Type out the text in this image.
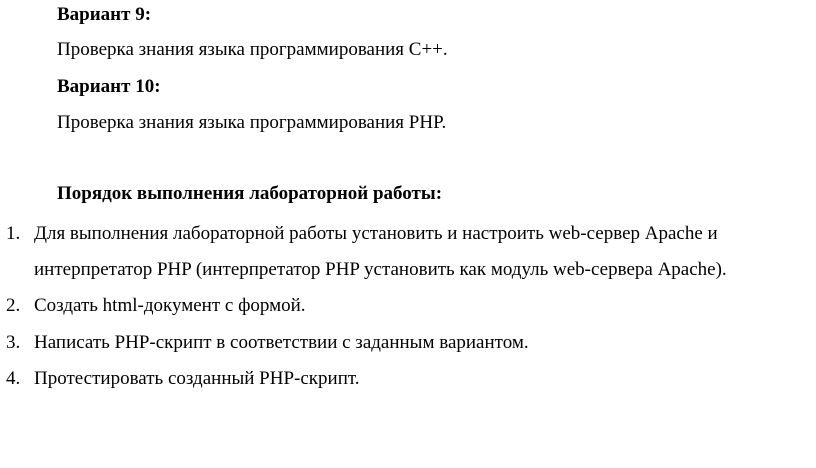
Вариант 9:
Проверка знания языка программирования С++.
Вариант 10:
Проверка знания языка программирования PHP.
Порядок выполнения лабораторной работы:
1. Для выполнения лабораторной работы установить и настроить web-сервер Apache и
интерпретатор PHP (интерпретатор PHP установить как модуль web-сервера Apache).
2. Создать html-документ с формой.
3. Написать PHP-скрипт в соответствии с заданным вариантом.
4. Протестировать созданный PHP-скрипт.
